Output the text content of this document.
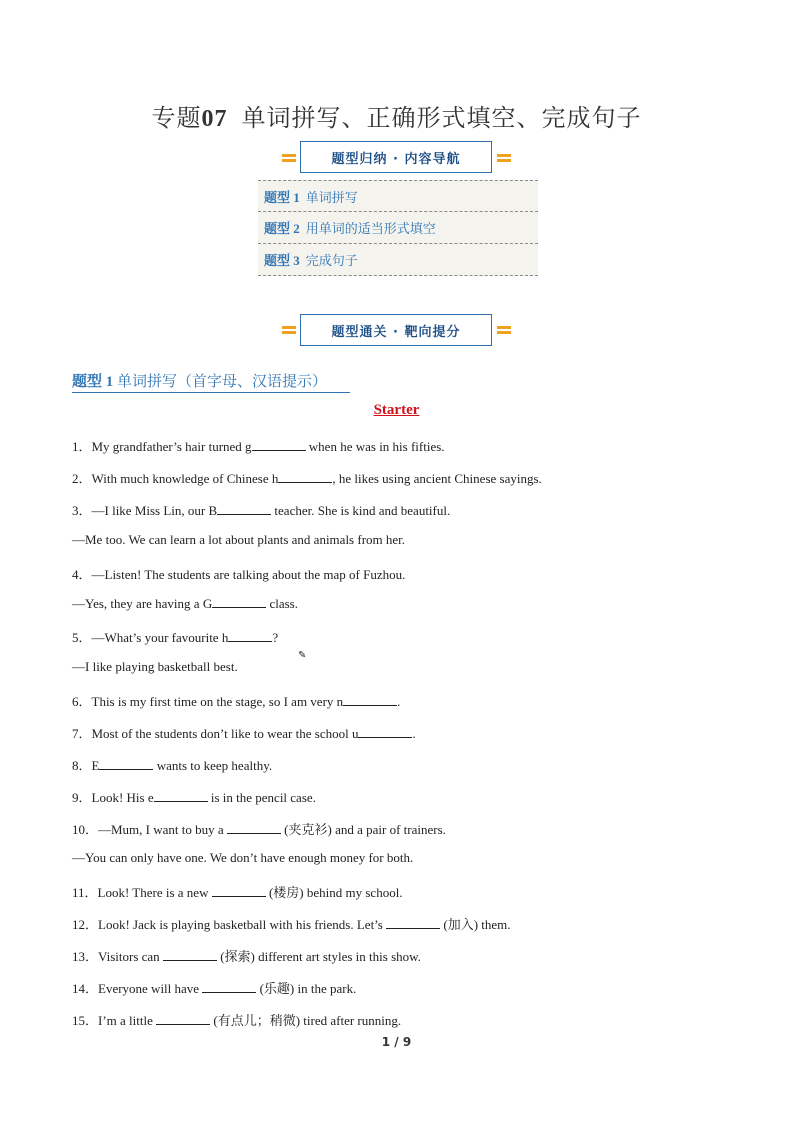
专题07 单词拼写、正确形式填空、完成句子
题型归纳 · 内容导航
题型 1 单词拼写
题型 2 用单词的适当形式填空
题型 3 完成句子
题型通关 · 靶向提分
题型 1 单词拼写（首字母、汉语提示）
Starter
1．My grandfather’s hair turned g	when he was in his fifties.
2．With much knowledge of Chinese h	, he likes using ancient Chinese sayings.
3．—I like Miss Lin, our B	teacher. She is kind and beautiful.
—Me too. We can learn a lot about plants and animals from her.
4．—Listen! The students are talking about the map of Fuzhou.
—Yes, they are having a G	class.
5．—What’s your favourite h	?
—I like playing basketball best.
6．This is my first time on the stage, so I am very n	.
7．Most of the students don’t like to wear the school u	.
8．E	wants to keep healthy.
9．Look! His e	is in the pencil case.
10．—Mum, I want to buy a	(夹克衫) and a pair of trainers.
—You can only have one. We don’t have enough money for both.
11．Look! There is a new	(楼房) behind my school.
12．Look! Jack is playing basketball with his friends. Let’s	(加入) them.
13．Visitors can	(探索) different art styles in this show.
14．Everyone will have	(乐趣) in the park.
15．I’m a little	(有点儿；稍微) tired after running.
✎
1 / 9
